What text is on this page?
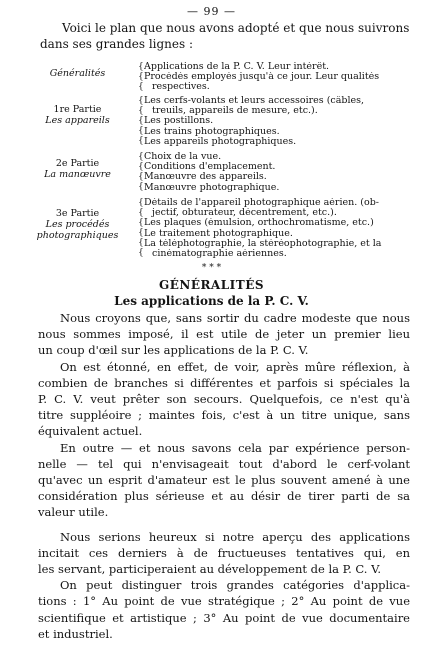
— 99 —
Voici le plan que nous avons adopté et que nous suivrons
dans ses grandes lignes :
Généralités
{
{
{
Applications de la P. C. V. Leur intérêt.
Procédés employés jusqu'à ce jour. Leur qualités
respectives.
1re Partie
Les appareils
{
{
{
{
{
Les cerfs-volants et leurs accessoires (câbles,
treuils, appareils de mesure, etc.).
Les postillons.
Les trains photographiques.
Les appareils photographiques.
2e Partie
La manœuvre
{
{
{
{
Choix de la vue.
Conditions d'emplacement.
Manœuvre des appareils.
Manœuvre photographique.
3e Partie
Les procédés
photographiques
{
{
{
{
{
{
Détails de l'appareil photographique aérien. (ob-
jectif, obturateur, décentrement, etc.).
Les plaques (émulsion, orthochromatisme, etc.)
Le traitement photographique.
La téléphotographie, la stéréophotographie, et la
cinématographie aériennes.
* * *
GÉNÉRALITÉS
Les applications de la P. C. V.
Nous croyons que, sans sortir du cadre modeste que nous
nous sommes imposé, il est utile de jeter un premier lieu
un coup d'œil sur les applications de la P. C. V.
On est étonné, en effet, de voir, après mûre réflexion, à
combien de branches si différentes et parfois si spéciales la
P. C. V. veut prêter son secours. Quelquefois, ce n'est qu'à
titre suppléoire ; maintes fois, c'est à un titre unique, sans
équivalent actuel.
En outre — et nous savons cela par expérience person-
nelle — tel qui n'envisageait tout d'abord le cerf-volant
qu'avec un esprit d'amateur est le plus souvent amené à une
considération plus sérieuse et au désir de tirer parti de sa
valeur utile.
Nous serions heureux si notre aperçu des applications
incitait ces derniers à de fructueuses tentatives qui, en
les servant, participeraient au développement de la P. C. V.
On peut distinguer trois grandes catégories d'applica-
tions : 1° Au point de vue stratégique ; 2° Au point de vue
scientifique et artistique ; 3° Au point de vue documentaire
et industriel.
